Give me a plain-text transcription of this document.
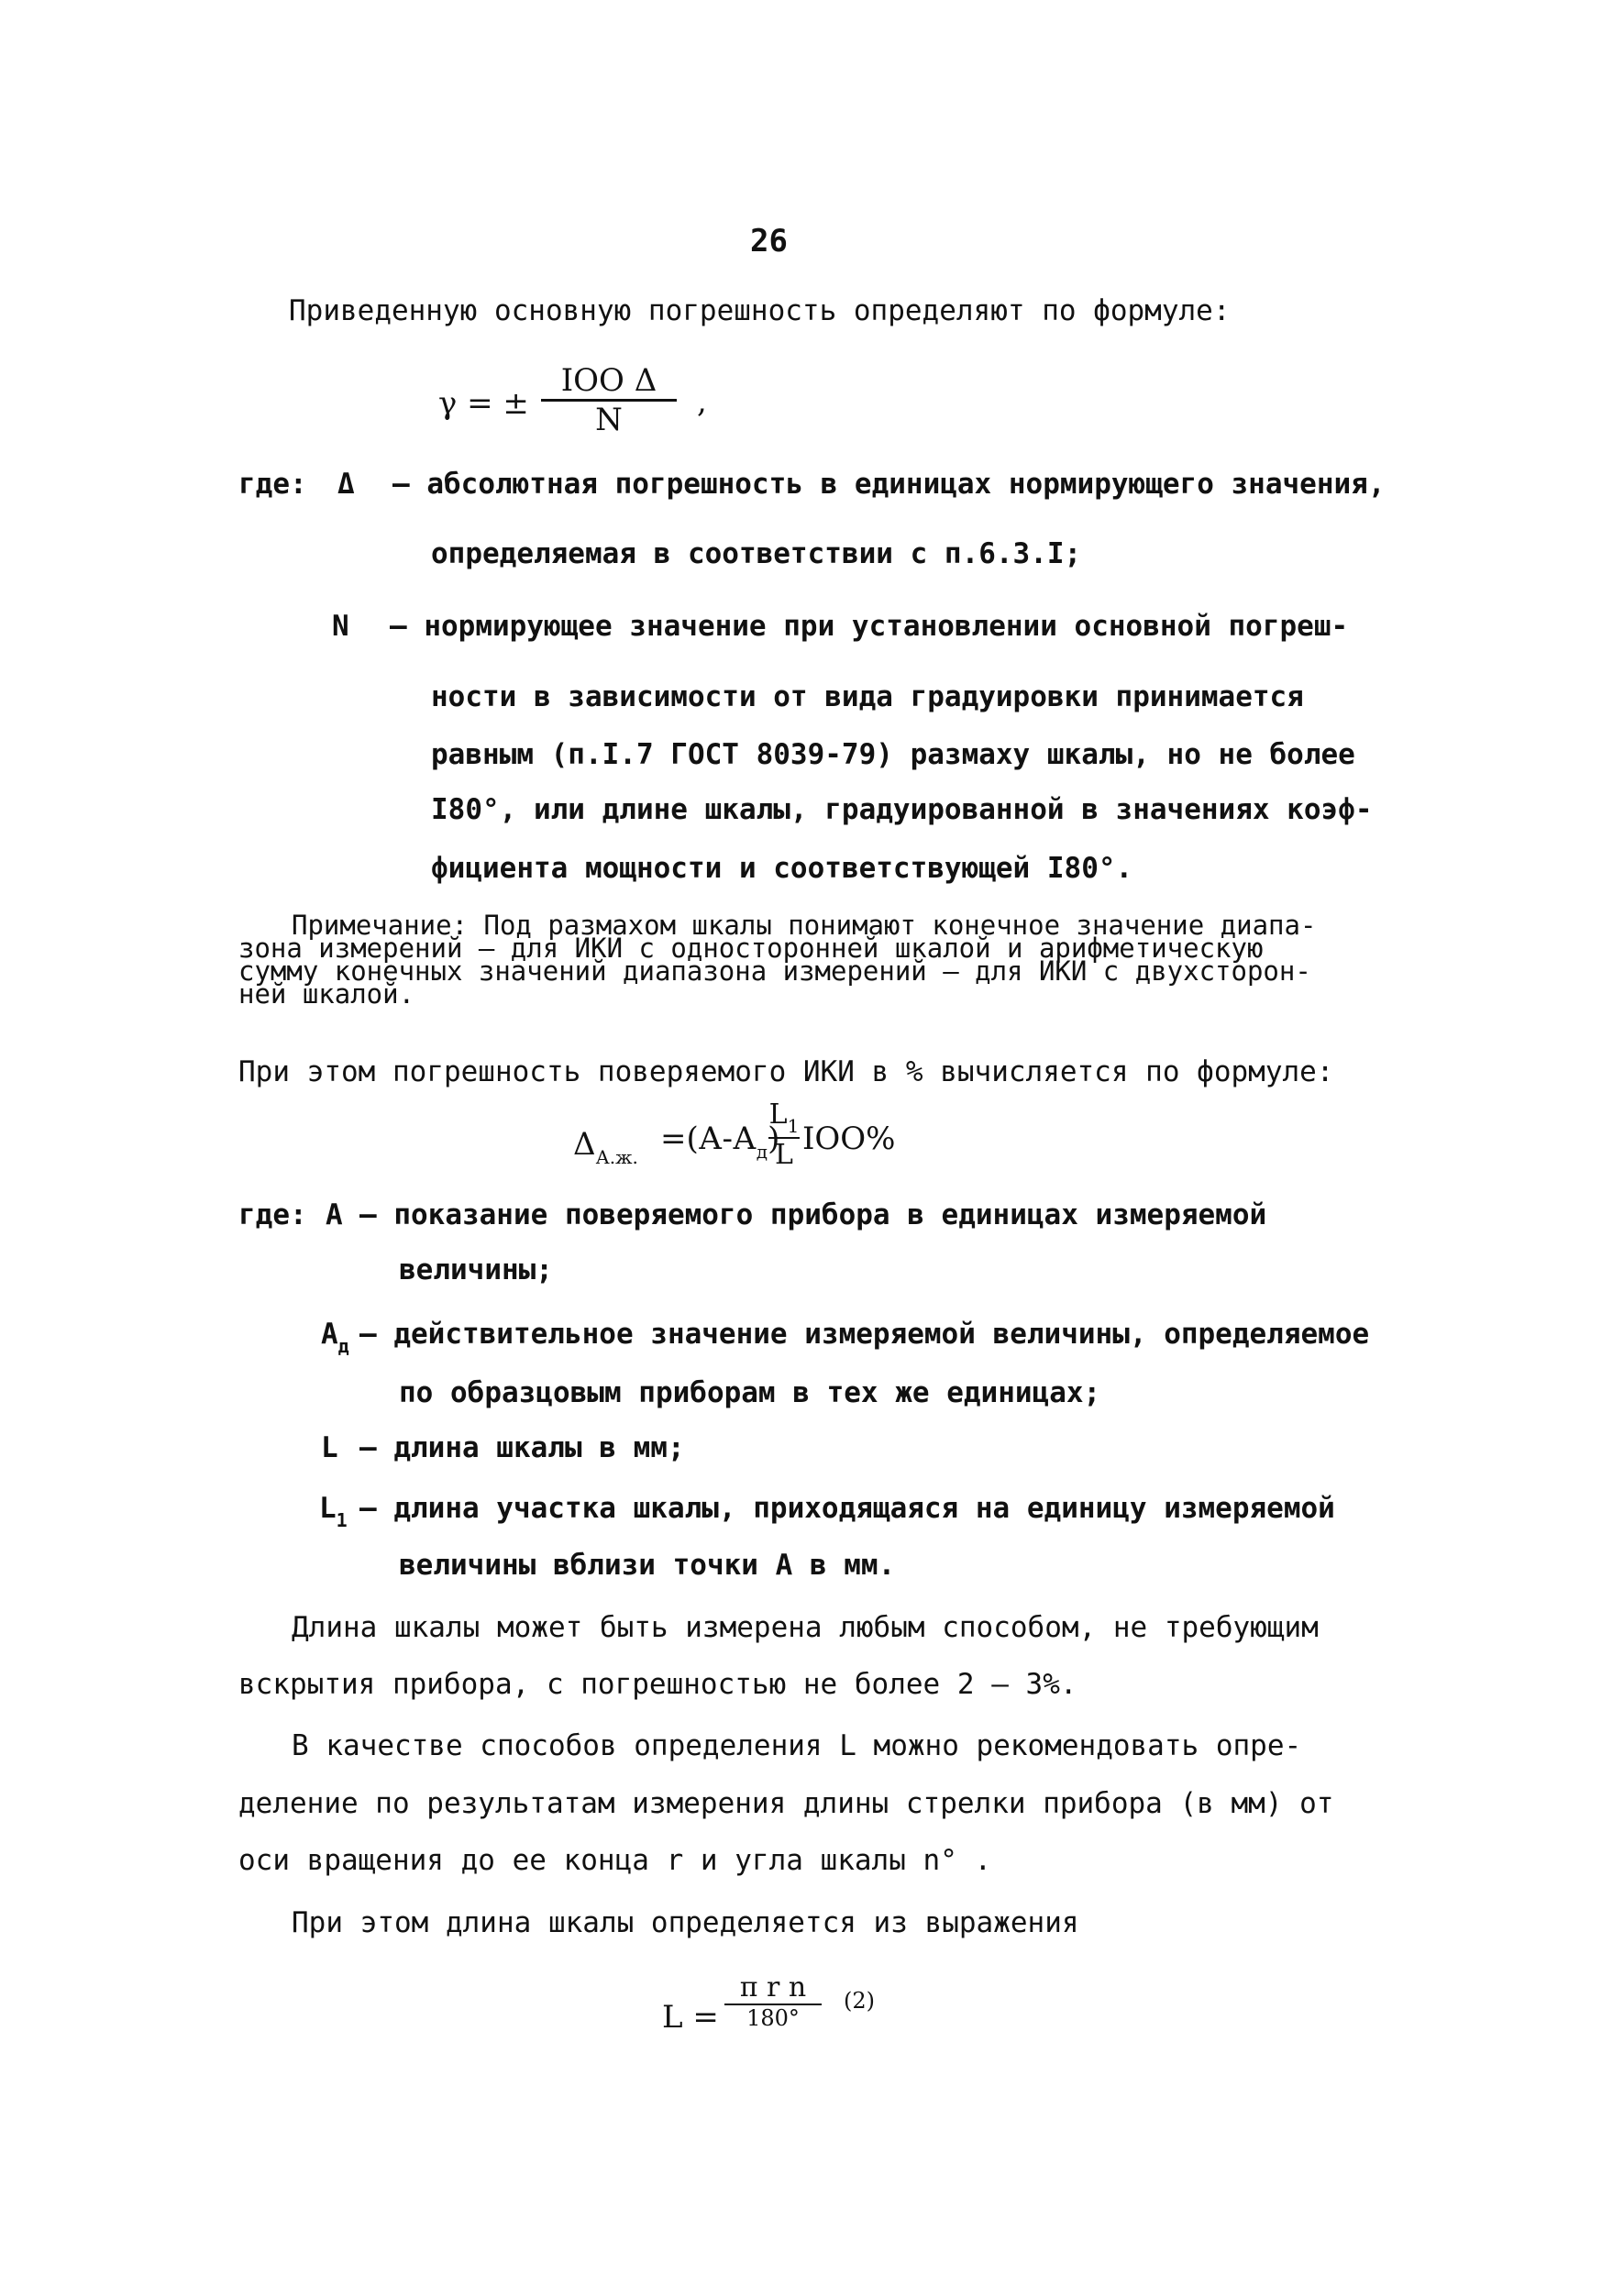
26
Приведенную основную погрешность определяют по формуле:
γ = ±
IOO Δ
N ,
где: Δ – абсолютная погрешность в единицах нормирующего значения,
определяемая в соответствии с п.6.3.I;
N – нормирующее значение при установлении основной погреш-
ности в зависимости от вида градуировки принимается
равным (п.I.7 ГОСТ 8039-79) размаху шкалы, но не более
I80°, или длине шкалы, градуированной в значениях коэф-
фициента мощности и соответствующей I80°.
Примечание: Под размахом шкалы понимают конечное значение диапа-
зона измерений – для ИКИ с односторонней шкалой и арифметическую
сумму конечных значений диапазона измерений – для ИКИ с двухсторон-
ней шкалой.
При этом погрешность поверяемого ИКИ в % вычисляется по формуле:
$\Delta_{А.ж.} =(А-А_д)$
$L_1$
L IOO%
где: А – показание поверяемого прибора в единицах измеряемой
величины;
$А_д$ – действительное значение измеряемой величины, определяемое
по образцовым приборам в тех же единицах;
L – длина шкалы в мм;
$L_1$ – длина участка шкалы, приходящаяся на единицу измеряемой
величины вблизи точки А в мм.
Длина шкалы может быть измерена любым способом, не требующим
вскрытия прибора, с погрешностью не более 2 – 3%.
В качестве способов определения L можно рекомендовать опре-
деление по результатам измерения длины стрелки прибора (в мм) от
оси вращения до ее конца r и угла шкалы n° .
При этом длина шкалы определяется из выражения
L =
π r n
180°
(2)
